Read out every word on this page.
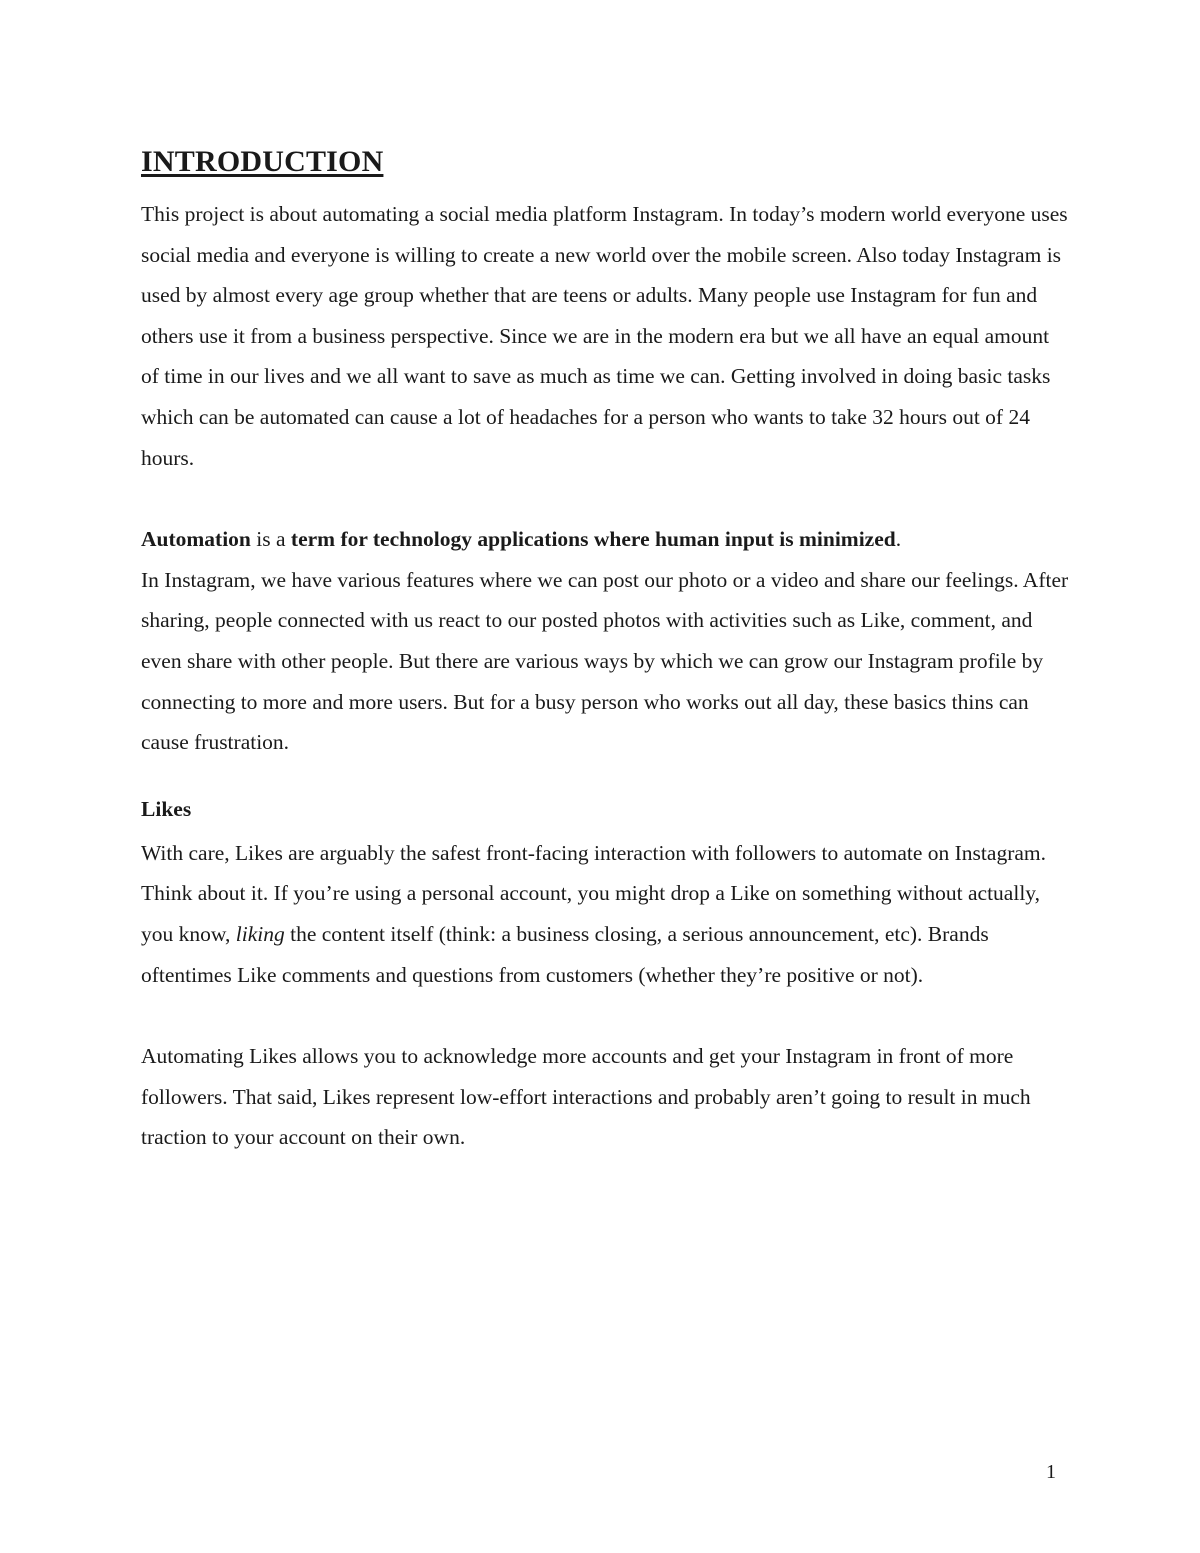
INTRODUCTION

This project is about automating a social media platform Instagram. In today’s modern world everyone uses social media and everyone is willing to create a new world over the mobile screen. Also today Instagram is used by almost every age group whether that are teens or adults. Many people use Instagram for fun and others use it from a business perspective. Since we are in the modern era but we all have an equal amount of time in our lives and we all want to save as much as time we can. Getting involved in doing basic tasks which can be automated can cause a lot of headaches for a person who wants to take 32 hours out of 24 hours.

Automation is a term for technology applications where human input is minimized.

In Instagram, we have various features where we can post our photo or a video and share our feelings. After sharing, people connected with us react to our posted photos with activities such as Like, comment, and even share with other people. But there are various ways by which we can grow our Instagram profile by connecting to more and more users. But for a busy person who works out all day, these basics thins can cause frustration.

Likes

With care, Likes are arguably the safest front-facing interaction with followers to automate on Instagram. Think about it. If you’re using a personal account, you might drop a Like on something without actually, you know, liking the content itself (think: a business closing, a serious announcement, etc). Brands oftentimes Like comments and questions from customers (whether they’re positive or not).

Automating Likes allows you to acknowledge more accounts and get your Instagram in front of more followers. That said, Likes represent low-effort interactions and probably aren’t going to result in much traction to your account on their own.

1
